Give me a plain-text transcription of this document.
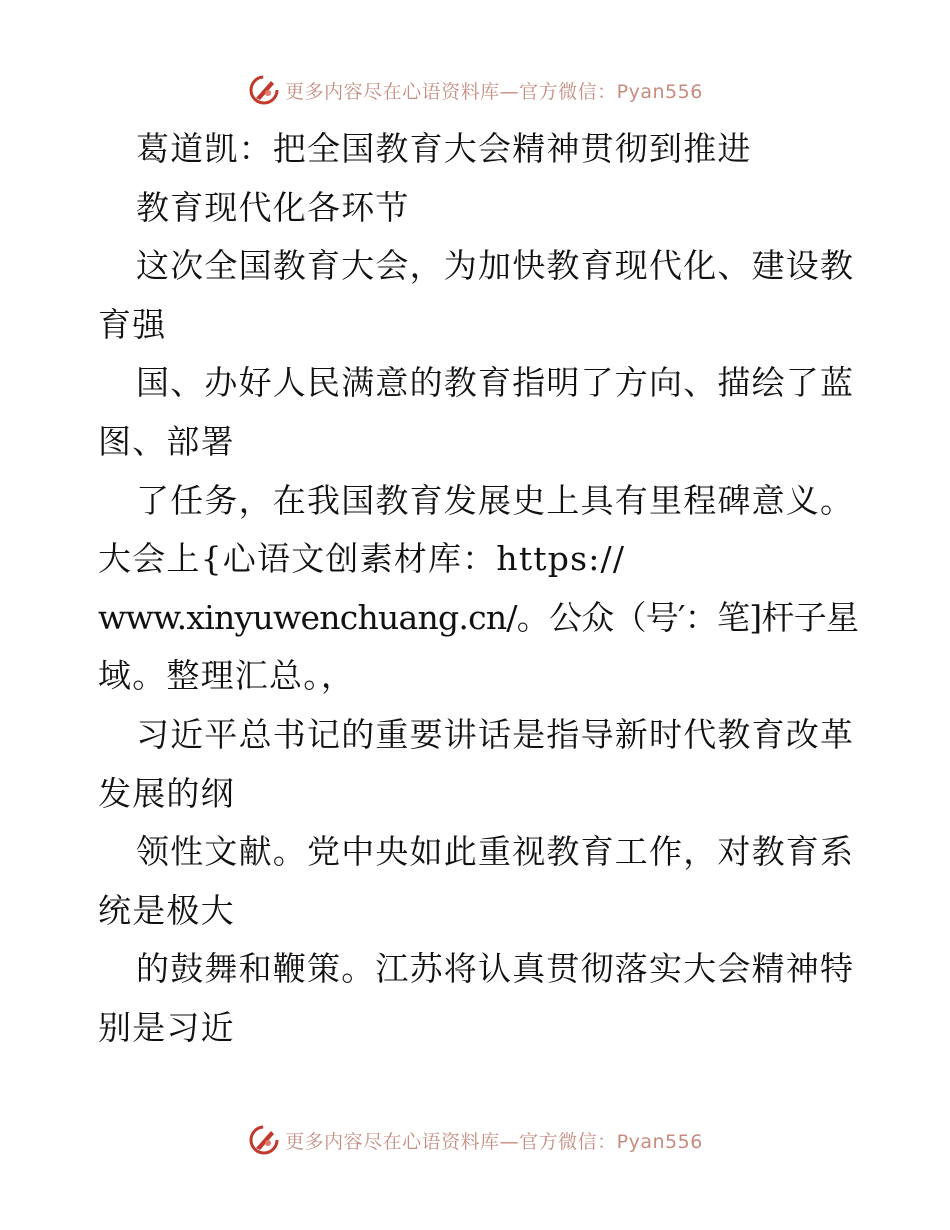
更多内容尽在心语资料库—官方微信：Pyan556
葛道凯：把全国教育大会精神贯彻到推进
教育现代化各环节
这次全国教育大会，为加快教育现代化、建设教
育强
国、办好人民满意的教育指明了方向、描绘了蓝
图、部署
了任务，在我国教育发展史上具有里程碑意义。
大会上{心语文创素材库：https://
www.xinyuwenchuang.cn/。公众（号′：笔]杆子星
域。整理汇总。，
习近平总书记的重要讲话是指导新时代教育改革
发展的纲
领性文献。党中央如此重视教育工作，对教育系
统是极大
的鼓舞和鞭策。江苏将认真贯彻落实大会精神特
别是习近
更多内容尽在心语资料库—官方微信：Pyan556
